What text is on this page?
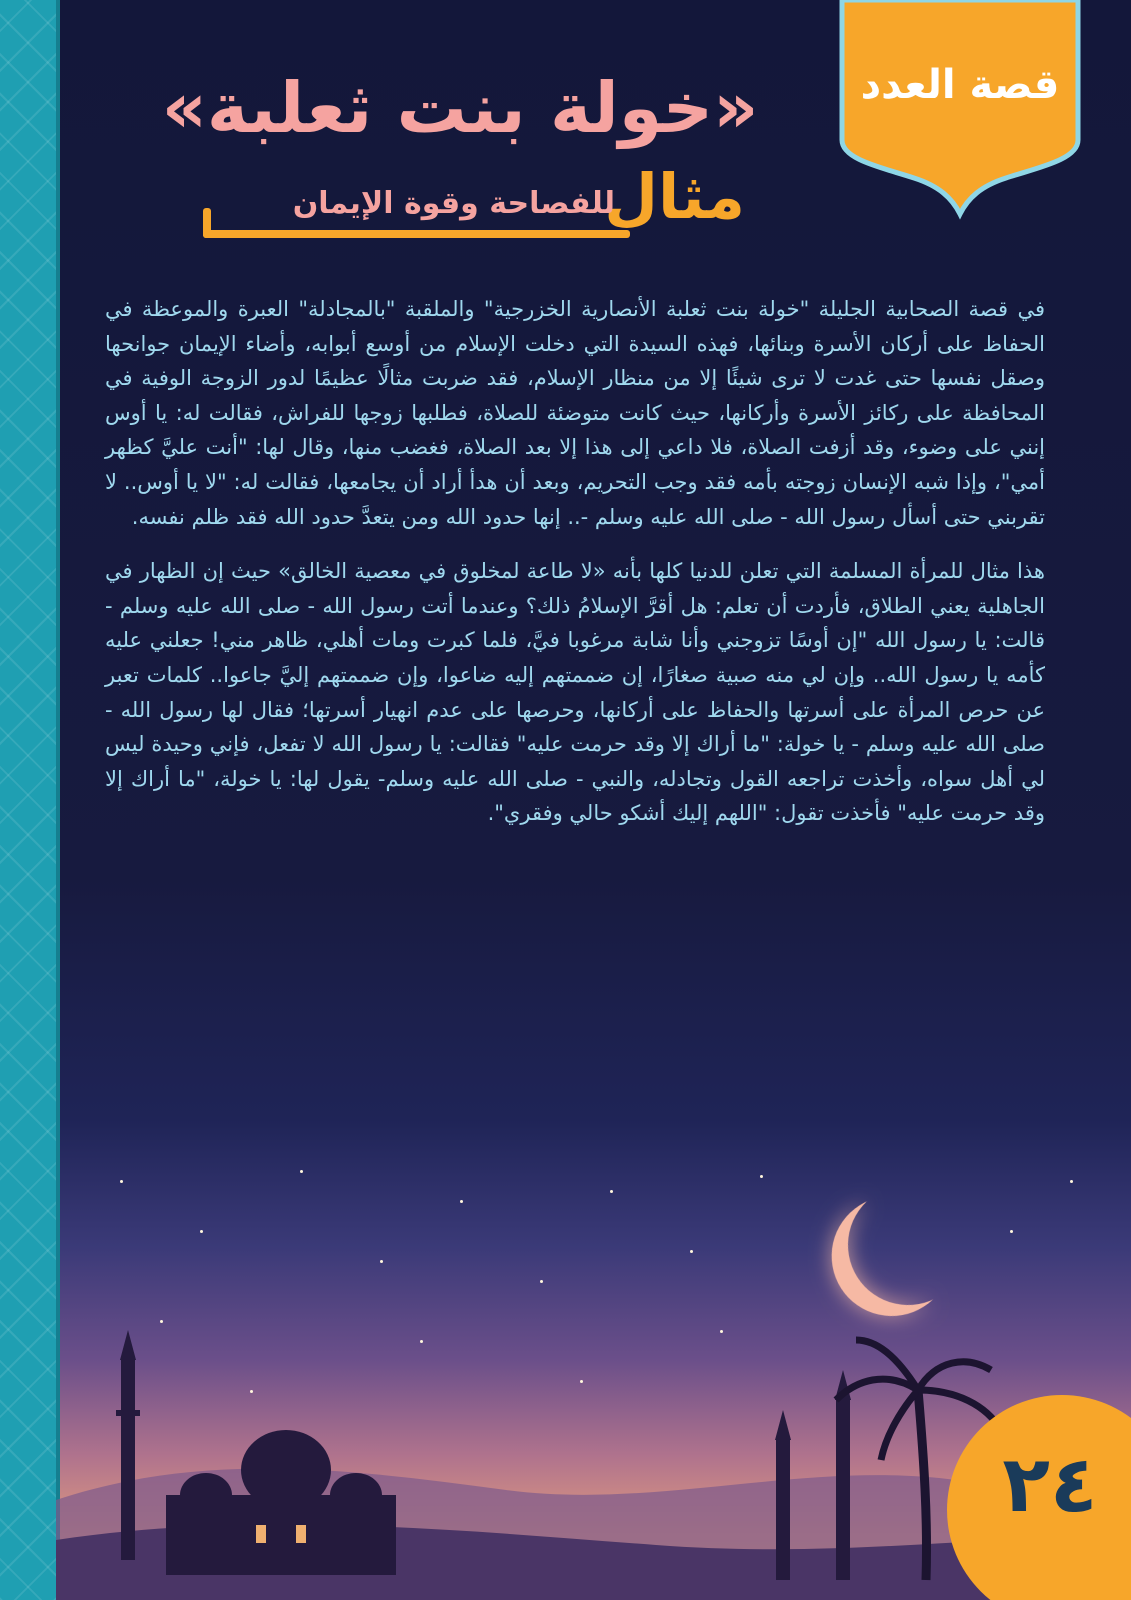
قصة العدد
«خولة بنت ثعلبة»
مثال
للفصاحة وقوة الإيمان

في قصة الصحابية الجليلة "خولة بنت ثعلبة الأنصارية الخزرجية" والملقبة "بالمجادلة" العبرة والموعظة في الحفاظ على أركان الأسرة وبنائها، فهذه السيدة التي دخلت الإسلام من أوسع أبوابه، وأضاء الإيمان جوانحها وصقل نفسها حتى غدت لا ترى شيئًا إلا من منظار الإسلام، فقد ضربت مثالًا عظيمًا لدور الزوجة الوفية في المحافظة على ركائز الأسرة وأركانها، حيث كانت متوضئة للصلاة، فطلبها زوجها للفراش، فقالت له: يا أوس إنني على وضوء، وقد أزفت الصلاة، فلا داعي إلى هذا إلا بعد الصلاة، فغضب منها، وقال لها: "أنت عليَّ كظهر أمي"، وإذا شبه الإنسان زوجته بأمه فقد وجب التحريم، وبعد أن هدأ أراد أن يجامعها، فقالت له: "لا يا أوس.. لا تقربني حتى أسأل رسول الله - صلى الله عليه وسلم -.. إنها حدود الله ومن يتعدَّ حدود الله فقد ظلم نفسه.

هذا مثال للمرأة المسلمة التي تعلن للدنيا كلها بأنه «لا طاعة لمخلوق في معصية الخالق» حيث إن الظهار في الجاهلية يعني الطلاق، فأردت أن تعلم: هل أقرَّ الإسلامُ ذلك؟ وعندما أتت رسول الله - صلى الله عليه وسلم - قالت: يا رسول الله "إن أوسًا تزوجني وأنا شابة مرغوبا فيَّ، فلما كبرت ومات أهلي، ظاهر مني! جعلني عليه كأمه يا رسول الله.. وإن لي منه صبية صغارًا، إن ضممتهم إليه ضاعوا، وإن ضممتهم إليَّ جاعوا.. كلمات تعبر عن حرص المرأة على أسرتها والحفاظ على أركانها، وحرصها على عدم انهيار أسرتها؛ فقال لها رسول الله - صلى الله عليه وسلم - يا خولة: "ما أراك إلا وقد حرمت عليه" فقالت: يا رسول الله لا تفعل، فإني وحيدة ليس لي أهل سواه، وأخذت تراجعه القول وتجادله، والنبي - صلى الله عليه وسلم- يقول لها: يا خولة، "ما أراك إلا وقد حرمت عليه" فأخذت تقول: "اللهم إليك أشكو حالي وفقري".

٢٤
